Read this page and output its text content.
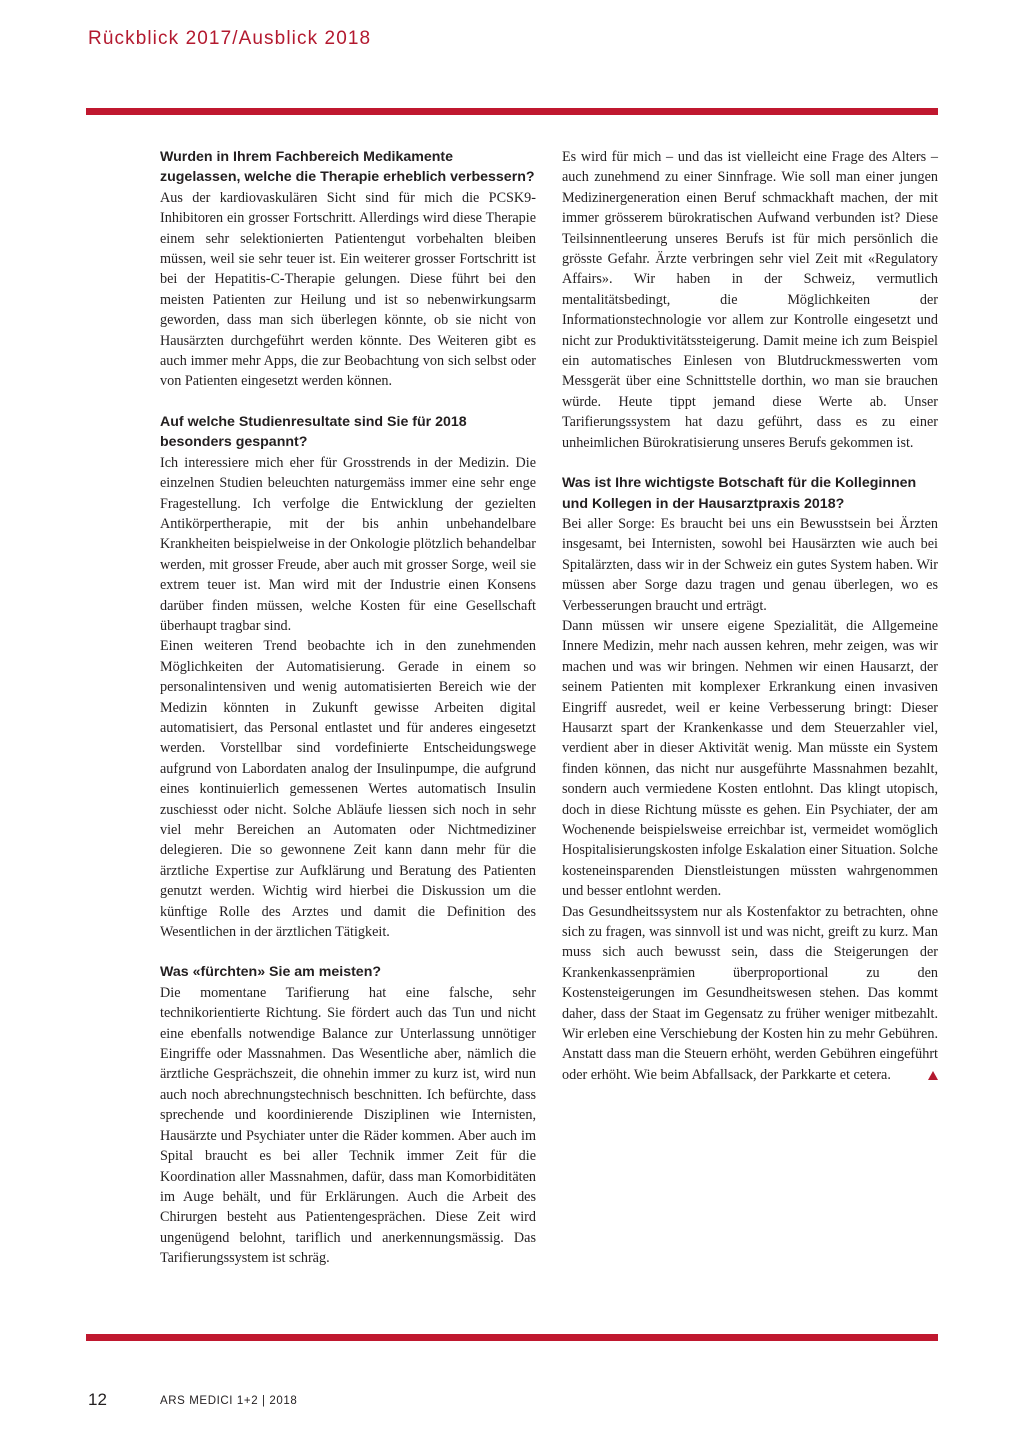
Rückblick 2017/Ausblick 2018
Wurden in Ihrem Fachbereich Medikamente zugelassen, welche die Therapie erheblich verbessern?

Aus der kardiovaskulären Sicht sind für mich die PCSK9-Inhibitoren ein grosser Fortschritt. Allerdings wird diese Therapie einem sehr selektionierten Patientengut vorbehalten bleiben müssen, weil sie sehr teuer ist. Ein weiterer grosser Fortschritt ist bei der Hepatitis-C-Therapie gelungen. Diese führt bei den meisten Patienten zur Heilung und ist so nebenwirkungsarm geworden, dass man sich überlegen könnte, ob sie nicht von Hausärzten durchgeführt werden könnte. Des Weiteren gibt es auch immer mehr Apps, die zur Beobachtung von sich selbst oder von Patienten eingesetzt werden können.

Auf welche Studienresultate sind Sie für 2018 besonders gespannt?

Ich interessiere mich eher für Grosstrends in der Medizin. Die einzelnen Studien beleuchten naturgemäss immer eine sehr enge Fragestellung. Ich verfolge die Entwicklung der gezielten Antikörpertherapie, mit der bis anhin unbehandelbare Krankheiten beispielweise in der Onkologie plötzlich behandelbar werden, mit grosser Freude, aber auch mit grosser Sorge, weil sie extrem teuer ist. Man wird mit der Industrie einen Konsens darüber finden müssen, welche Kosten für eine Gesellschaft überhaupt tragbar sind.

Einen weiteren Trend beobachte ich in den zunehmenden Möglichkeiten der Automatisierung. Gerade in einem so personalintensiven und wenig automatisierten Bereich wie der Medizin könnten in Zukunft gewisse Arbeiten digital automatisiert, das Personal entlastet und für anderes eingesetzt werden. Vorstellbar sind vordefinierte Entscheidungswege aufgrund von Labordaten analog der Insulinpumpe, die aufgrund eines kontinuierlich gemessenen Wertes automatisch Insulin zuschiesst oder nicht. Solche Abläufe liessen sich noch in sehr viel mehr Bereichen an Automaten oder Nichtmediziner delegieren. Die so gewonnene Zeit kann dann mehr für die ärztliche Expertise zur Aufklärung und Beratung des Patienten genutzt werden. Wichtig wird hierbei die Diskussion um die künftige Rolle des Arztes und damit die Definition des Wesentlichen in der ärztlichen Tätigkeit.

Was «fürchten» Sie am meisten?

Die momentane Tarifierung hat eine falsche, sehr technikorientierte Richtung. Sie fördert auch das Tun und nicht eine ebenfalls notwendige Balance zur Unterlassung unnötiger Eingriffe oder Massnahmen. Das Wesentliche aber, nämlich die ärztliche Gesprächszeit, die ohnehin immer zu kurz ist, wird nun auch noch abrechnungstechnisch beschnitten. Ich befürchte, dass sprechende und koordinierende Disziplinen wie Internisten, Hausärzte und Psychiater unter die Räder kommen. Aber auch im Spital braucht es bei aller Technik immer Zeit für die Koordination aller Massnahmen, dafür, dass man Komorbiditäten im Auge behält, und für Erklärungen. Auch die Arbeit des Chirurgen besteht aus Patientengesprächen. Diese Zeit wird ungenügend belohnt, tariflich und anerkennungsmässig. Das Tarifierungssystem ist schräg.

Es wird für mich – und das ist vielleicht eine Frage des Alters – auch zunehmend zu einer Sinnfrage. Wie soll man einer jungen Medizinergeneration einen Beruf schmackhaft machen, der mit immer grösserem bürokratischen Aufwand verbunden ist? Diese Teilsinnentleerung unseres Berufs ist für mich persönlich die grösste Gefahr. Ärzte verbringen sehr viel Zeit mit «Regulatory Affairs». Wir haben in der Schweiz, vermutlich mentalitätsbedingt, die Möglichkeiten der Informationstechnologie vor allem zur Kontrolle eingesetzt und nicht zur Produktivitätssteigerung. Damit meine ich zum Beispiel ein automatisches Einlesen von Blutdruckmesswerten vom Messgerät über eine Schnittstelle dorthin, wo man sie brauchen würde. Heute tippt jemand diese Werte ab. Unser Tarifierungssystem hat dazu geführt, dass es zu einer unheimlichen Bürokratisierung unseres Berufs gekommen ist.

Was ist Ihre wichtigste Botschaft für die Kolleginnen und Kollegen in der Hausarztpraxis 2018?

Bei aller Sorge: Es braucht bei uns ein Bewusstsein bei Ärzten insgesamt, bei Internisten, sowohl bei Hausärzten wie auch bei Spitalärzten, dass wir in der Schweiz ein gutes System haben. Wir müssen aber Sorge dazu tragen und genau überlegen, wo es Verbesserungen braucht und erträgt.

Dann müssen wir unsere eigene Spezialität, die Allgemeine Innere Medizin, mehr nach aussen kehren, mehr zeigen, was wir machen und was wir bringen. Nehmen wir einen Hausarzt, der seinem Patienten mit komplexer Erkrankung einen invasiven Eingriff ausredet, weil er keine Verbesserung bringt: Dieser Hausarzt spart der Krankenkasse und dem Steuerzahler viel, verdient aber in dieser Aktivität wenig. Man müsste ein System finden können, das nicht nur ausgeführte Massnahmen bezahlt, sondern auch vermiedene Kosten entlohnt. Das klingt utopisch, doch in diese Richtung müsste es gehen. Ein Psychiater, der am Wochenende beispielsweise erreichbar ist, vermeidet womöglich Hospitalisierungskosten infolge Eskalation einer Situation. Solche kosteneinsparenden Dienstleistungen müssten wahrgenommen und besser entlohnt werden.

Das Gesundheitssystem nur als Kostenfaktor zu betrachten, ohne sich zu fragen, was sinnvoll ist und was nicht, greift zu kurz. Man muss sich auch bewusst sein, dass die Steigerungen der Krankenkassenprämien überproportional zu den Kostensteigerungen im Gesundheitswesen stehen. Das kommt daher, dass der Staat im Gegensatz zu früher weniger mitbezahlt. Wir erleben eine Verschiebung der Kosten hin zu mehr Gebühren. Anstatt dass man die Steuern erhöht, werden Gebühren eingeführt oder erhöht. Wie beim Abfallsack, der Parkkarte et cetera.

12	ARS MEDICI 1+2 | 2018
